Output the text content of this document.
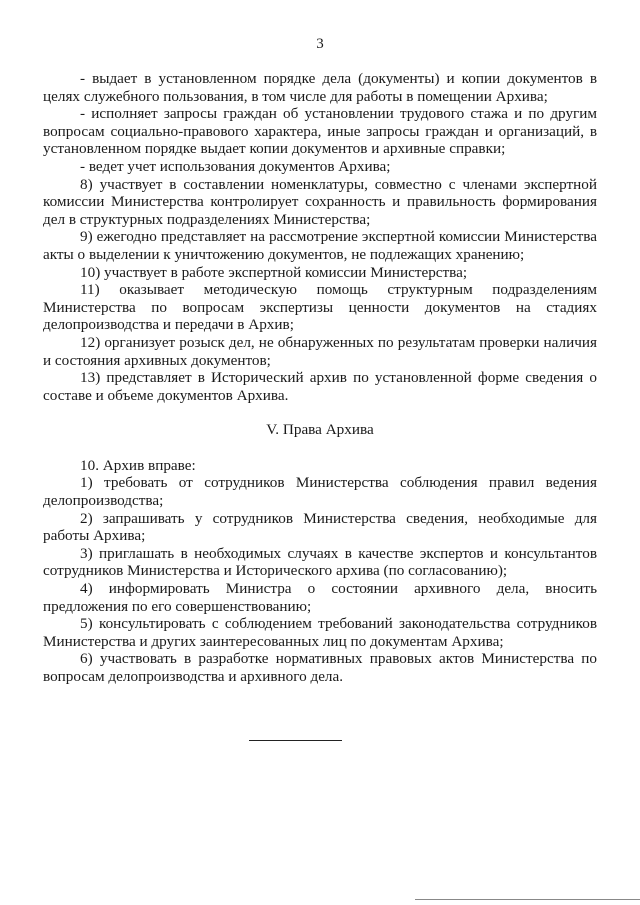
3

- выдает в установленном порядке дела (документы) и копии документов в целях служебного пользования, в том числе для работы в помещении Архива;

- исполняет запросы граждан об установлении трудового стажа и по другим вопросам социально-правового характера, иные запросы граждан и организаций, в установленном порядке выдает копии документов и архивные справки;

- ведет учет использования документов Архива;

8) участвует в составлении номенклатуры, совместно с членами экспертной комиссии Министерства контролирует сохранность и правильность формирования дел в структурных подразделениях Министерства;

9) ежегодно представляет на рассмотрение экспертной комиссии Министерства акты о выделении к уничтожению документов, не подлежащих хранению;

10) участвует в работе экспертной комиссии Министерства;

11) оказывает методическую помощь структурным подразделениям Министерства по вопросам экспертизы ценности документов на стадиях делопроизводства и передачи в Архив;

12) организует розыск дел, не обнаруженных по результатам проверки наличия и состояния архивных документов;

13) представляет в Исторический архив по установленной форме сведения о составе и объеме документов Архива.

V. Права Архива

10. Архив вправе:

1) требовать от сотрудников Министерства соблюдения правил ведения делопроизводства;

2) запрашивать у сотрудников Министерства сведения, необходимые для работы Архива;

3) приглашать в необходимых случаях в качестве экспертов и консультантов сотрудников Министерства и Исторического архива (по согласованию);

4) информировать Министра о состоянии архивного дела, вносить предложения по его совершенствованию;

5) консультировать с соблюдением требований законодательства сотрудников Министерства и других заинтересованных лиц по документам Архива;

6) участвовать в разработке нормативных правовых актов Министерства по вопросам делопроизводства и архивного дела.
